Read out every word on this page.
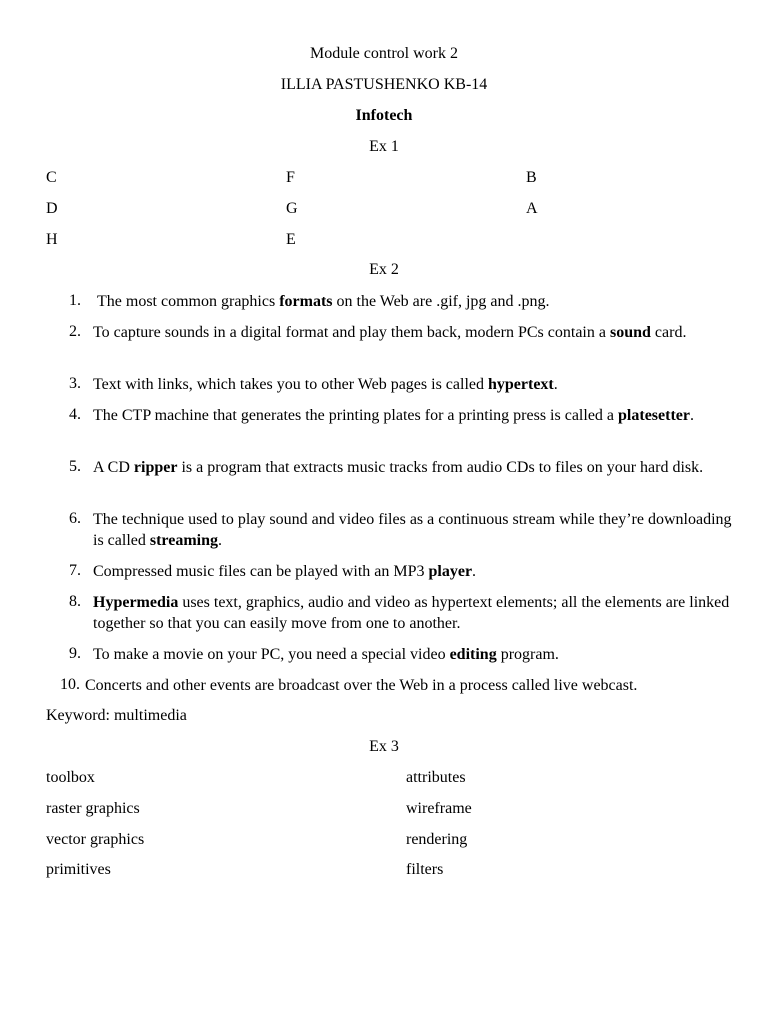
Module control work 2
ILLIA PASTUSHENKO KB-14
Infotech
Ex 1
C	F	B
D	G	A
H	E
Ex 2
1. The most common graphics formats on the Web are .gif, jpg and .png.
2. To capture sounds in a digital format and play them back, modern PCs contain a sound card.
3. Text with links, which takes you to other Web pages is called hypertext.
4. The CTP machine that generates the printing plates for a printing press is called a platesetter.
5. A CD ripper is a program that extracts music tracks from audio CDs to files on your hard disk.
6. The technique used to play sound and video files as a continuous stream while they’re downloading is called streaming.
7. Compressed music files can be played with an MP3 player.
8. Hypermedia uses text, graphics, audio and video as hypertext elements; all the elements are linked together so that you can easily move from one to another.
9. To make a movie on your PC, you need a special video editing program.
10. Concerts and other events are broadcast over the Web in a process called live webcast.
Keyword: multimedia
Ex 3
toolbox	attributes
raster graphics	wireframe
vector graphics	rendering
primitives	filters
